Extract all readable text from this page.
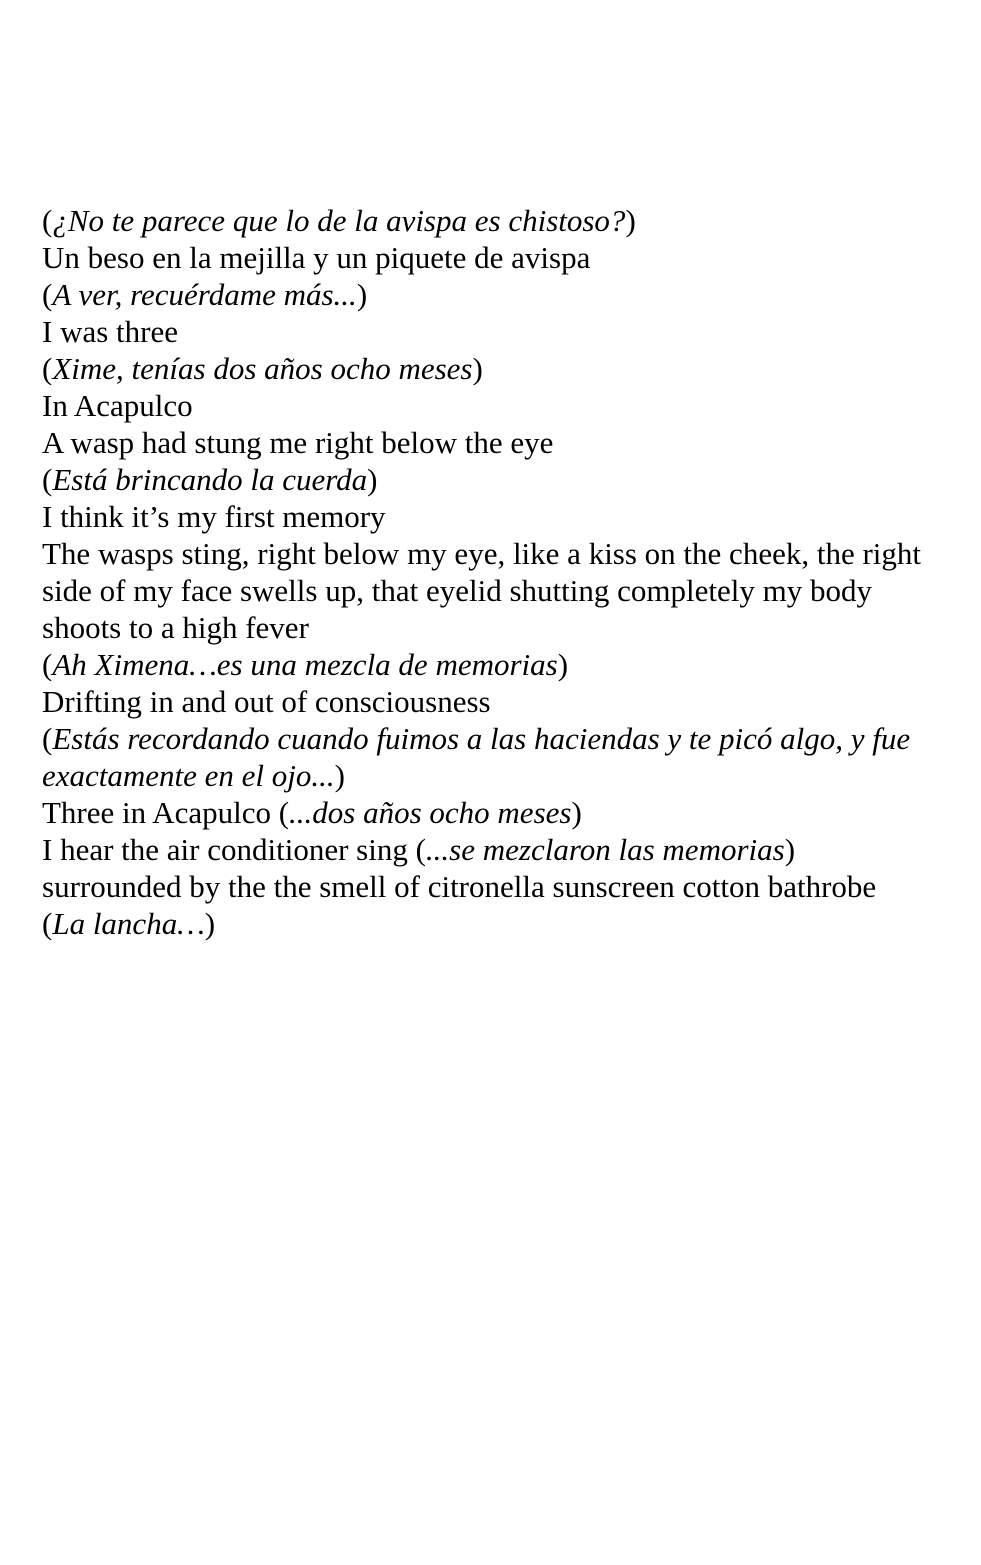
(¿No te parece que lo de la avispa es chistoso?)

Un beso en la mejilla y un piquete de avispa

(A ver, recuérdame más...)

I was three

(Xime, tenías dos años ocho meses)

In Acapulco

A wasp had stung me right below the eye

(Está brincando la cuerda)

I think it’s my first memory

The wasps sting, right below my eye, like a kiss on the cheek, the right side of my face swells up, that eyelid shutting completely my body shoots to a high fever

(Ah Ximena…es una mezcla de memorias)

Drifting in and out of consciousness

(Estás recordando cuando fuimos a las haciendas y te picó algo, y fue exactamente en el ojo...)

Three in Acapulco (...dos años ocho meses)

I hear the air conditioner sing (...se mezclaron las memorias)

surrounded by the the smell of citronella sunscreen cotton bathrobe

(La lancha…)
